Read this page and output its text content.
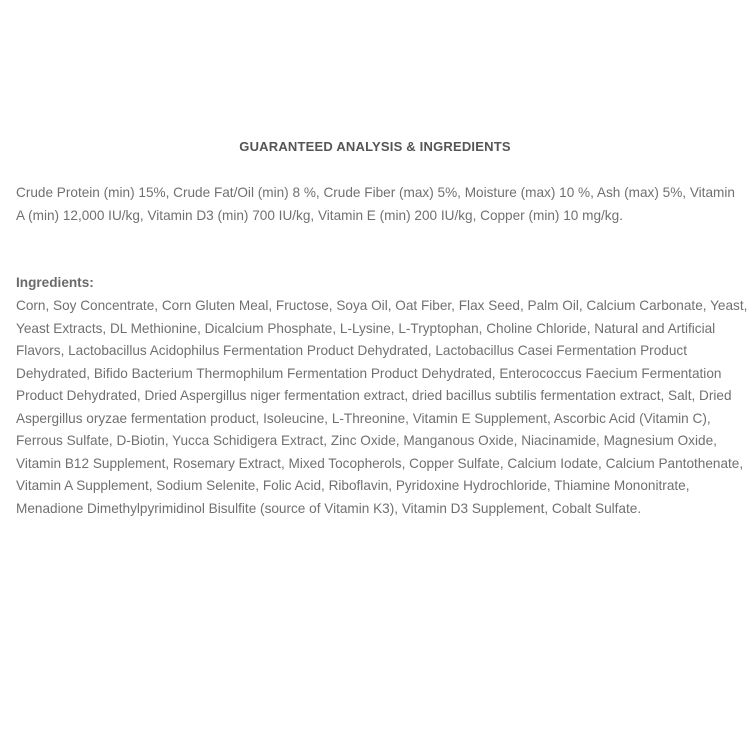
GUARANTEED ANALYSIS & INGREDIENTS
Crude Protein (min) 15%, Crude Fat/Oil (min) 8 %, Crude Fiber (max) 5%, Moisture (max) 10 %, Ash (max) 5%, Vitamin A (min) 12,000 IU/kg, Vitamin D3 (min) 700 IU/kg, Vitamin E (min) 200 IU/kg, Copper (min) 10 mg/kg.
Ingredients:
Corn, Soy Concentrate, Corn Gluten Meal, Fructose, Soya Oil, Oat Fiber, Flax Seed, Palm Oil, Calcium Carbonate, Yeast, Yeast Extracts, DL Methionine, Dicalcium Phosphate, L-Lysine, L-Tryptophan, Choline Chloride, Natural and Artificial Flavors, Lactobacillus Acidophilus Fermentation Product Dehydrated, Lactobacillus Casei Fermentation Product Dehydrated, Bifido Bacterium Thermophilum Fermentation Product Dehydrated, Enterococcus Faecium Fermentation Product Dehydrated, Dried Aspergillus niger fermentation extract, dried bacillus subtilis fermentation extract, Salt, Dried Aspergillus oryzae fermentation product, Isoleucine, L-Threonine, Vitamin E Supplement, Ascorbic Acid (Vitamin C), Ferrous Sulfate, D-Biotin, Yucca Schidigera Extract, Zinc Oxide, Manganous Oxide, Niacinamide, Magnesium Oxide, Vitamin B12 Supplement, Rosemary Extract, Mixed Tocopherols, Copper Sulfate, Calcium Iodate, Calcium Pantothenate, Vitamin A Supplement, Sodium Selenite, Folic Acid, Riboflavin, Pyridoxine Hydrochloride, Thiamine Mononitrate, Menadione Dimethylpyrimidinol Bisulfite (source of Vitamin K3), Vitamin D3 Supplement, Cobalt Sulfate.
